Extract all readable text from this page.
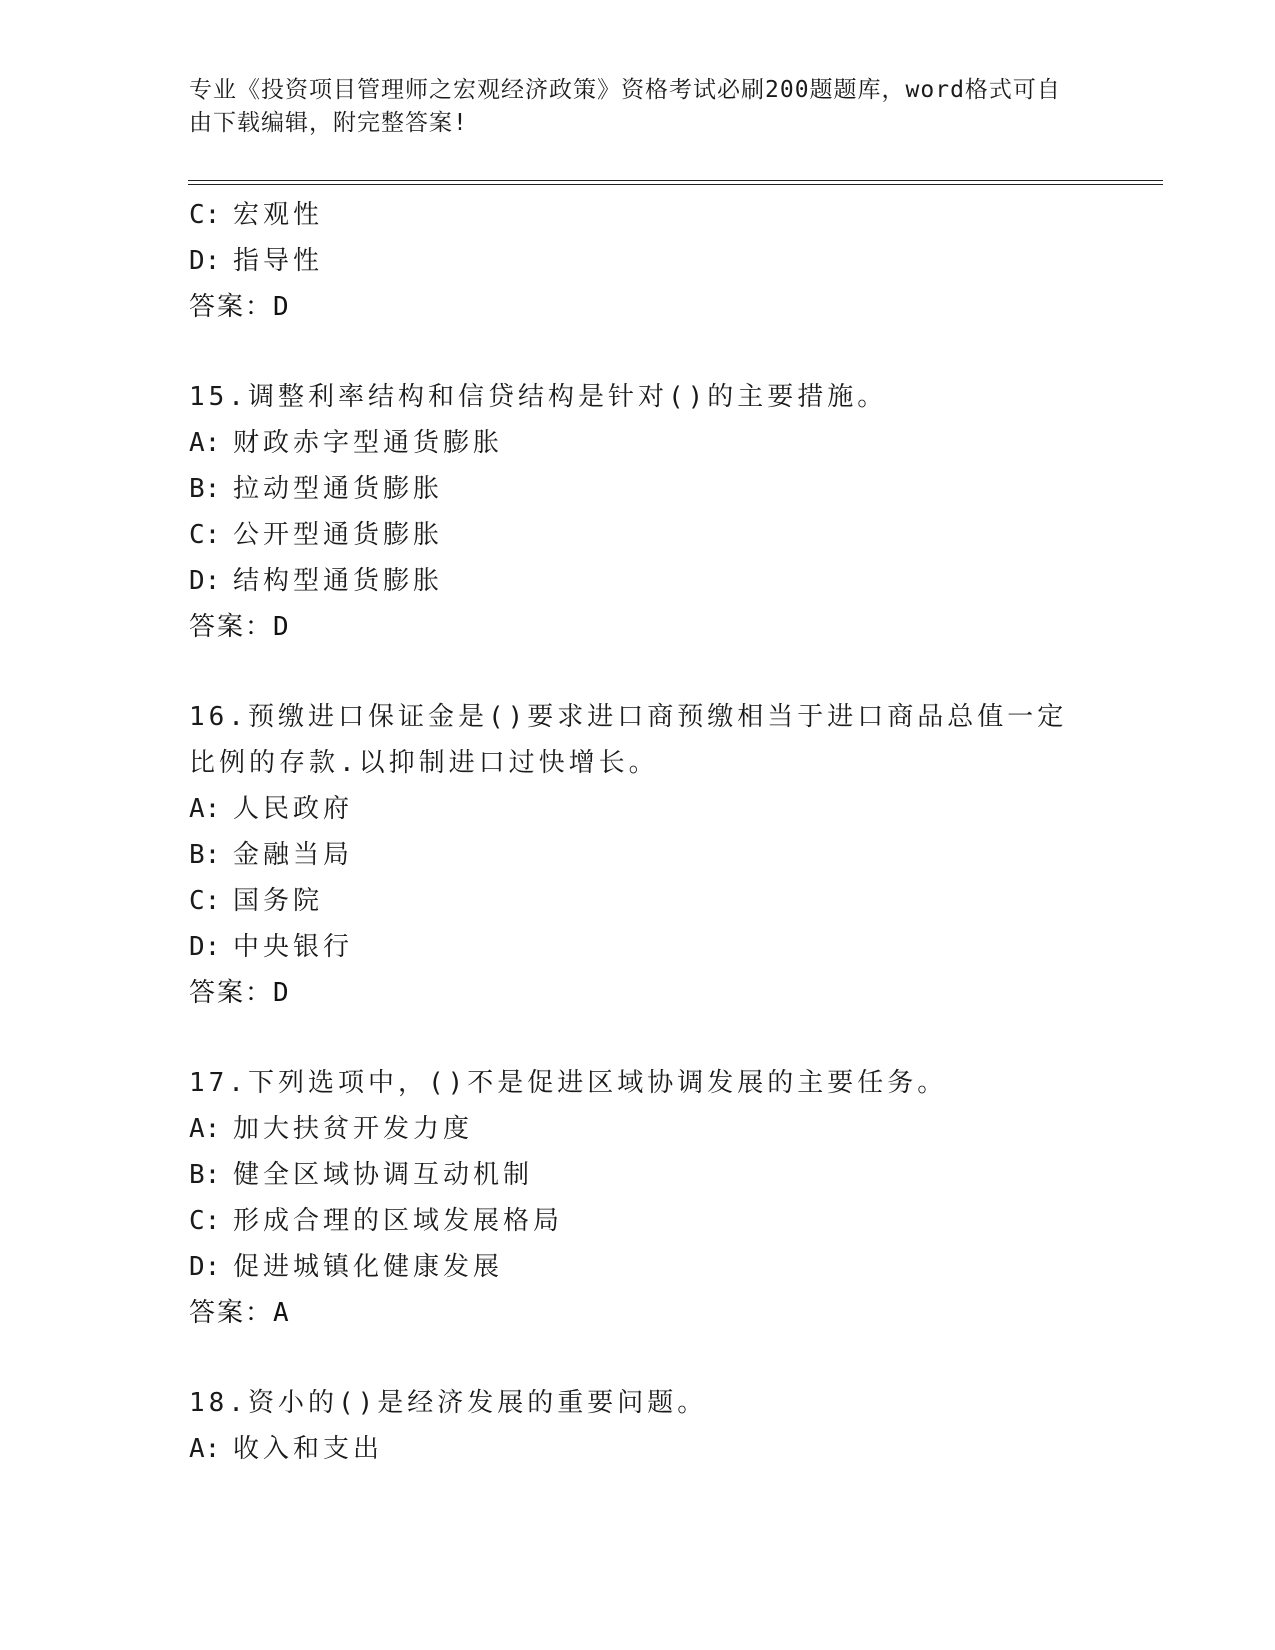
专业《投资项目管理师之宏观经济政策》资格考试必刷200题题库，word格式可自由下载编辑，附完整答案!
C: 宏观性
D: 指导性
答案：D
15.调整利率结构和信贷结构是针对()的主要措施。
A: 财政赤字型通货膨胀
B: 拉动型通货膨胀
C: 公开型通货膨胀
D: 结构型通货膨胀
答案：D
16.预缴进口保证金是()要求进口商预缴相当于进口商品总值一定比例的存款.以抑制进口过快增长。
A: 人民政府
B: 金融当局
C: 国务院
D: 中央银行
答案：D
17.下列选项中，()不是促进区域协调发展的主要任务。
A: 加大扶贫开发力度
B: 健全区域协调互动机制
C: 形成合理的区域发展格局
D: 促进城镇化健康发展
答案：A
18.资小的()是经济发展的重要问题。
A: 收入和支出
